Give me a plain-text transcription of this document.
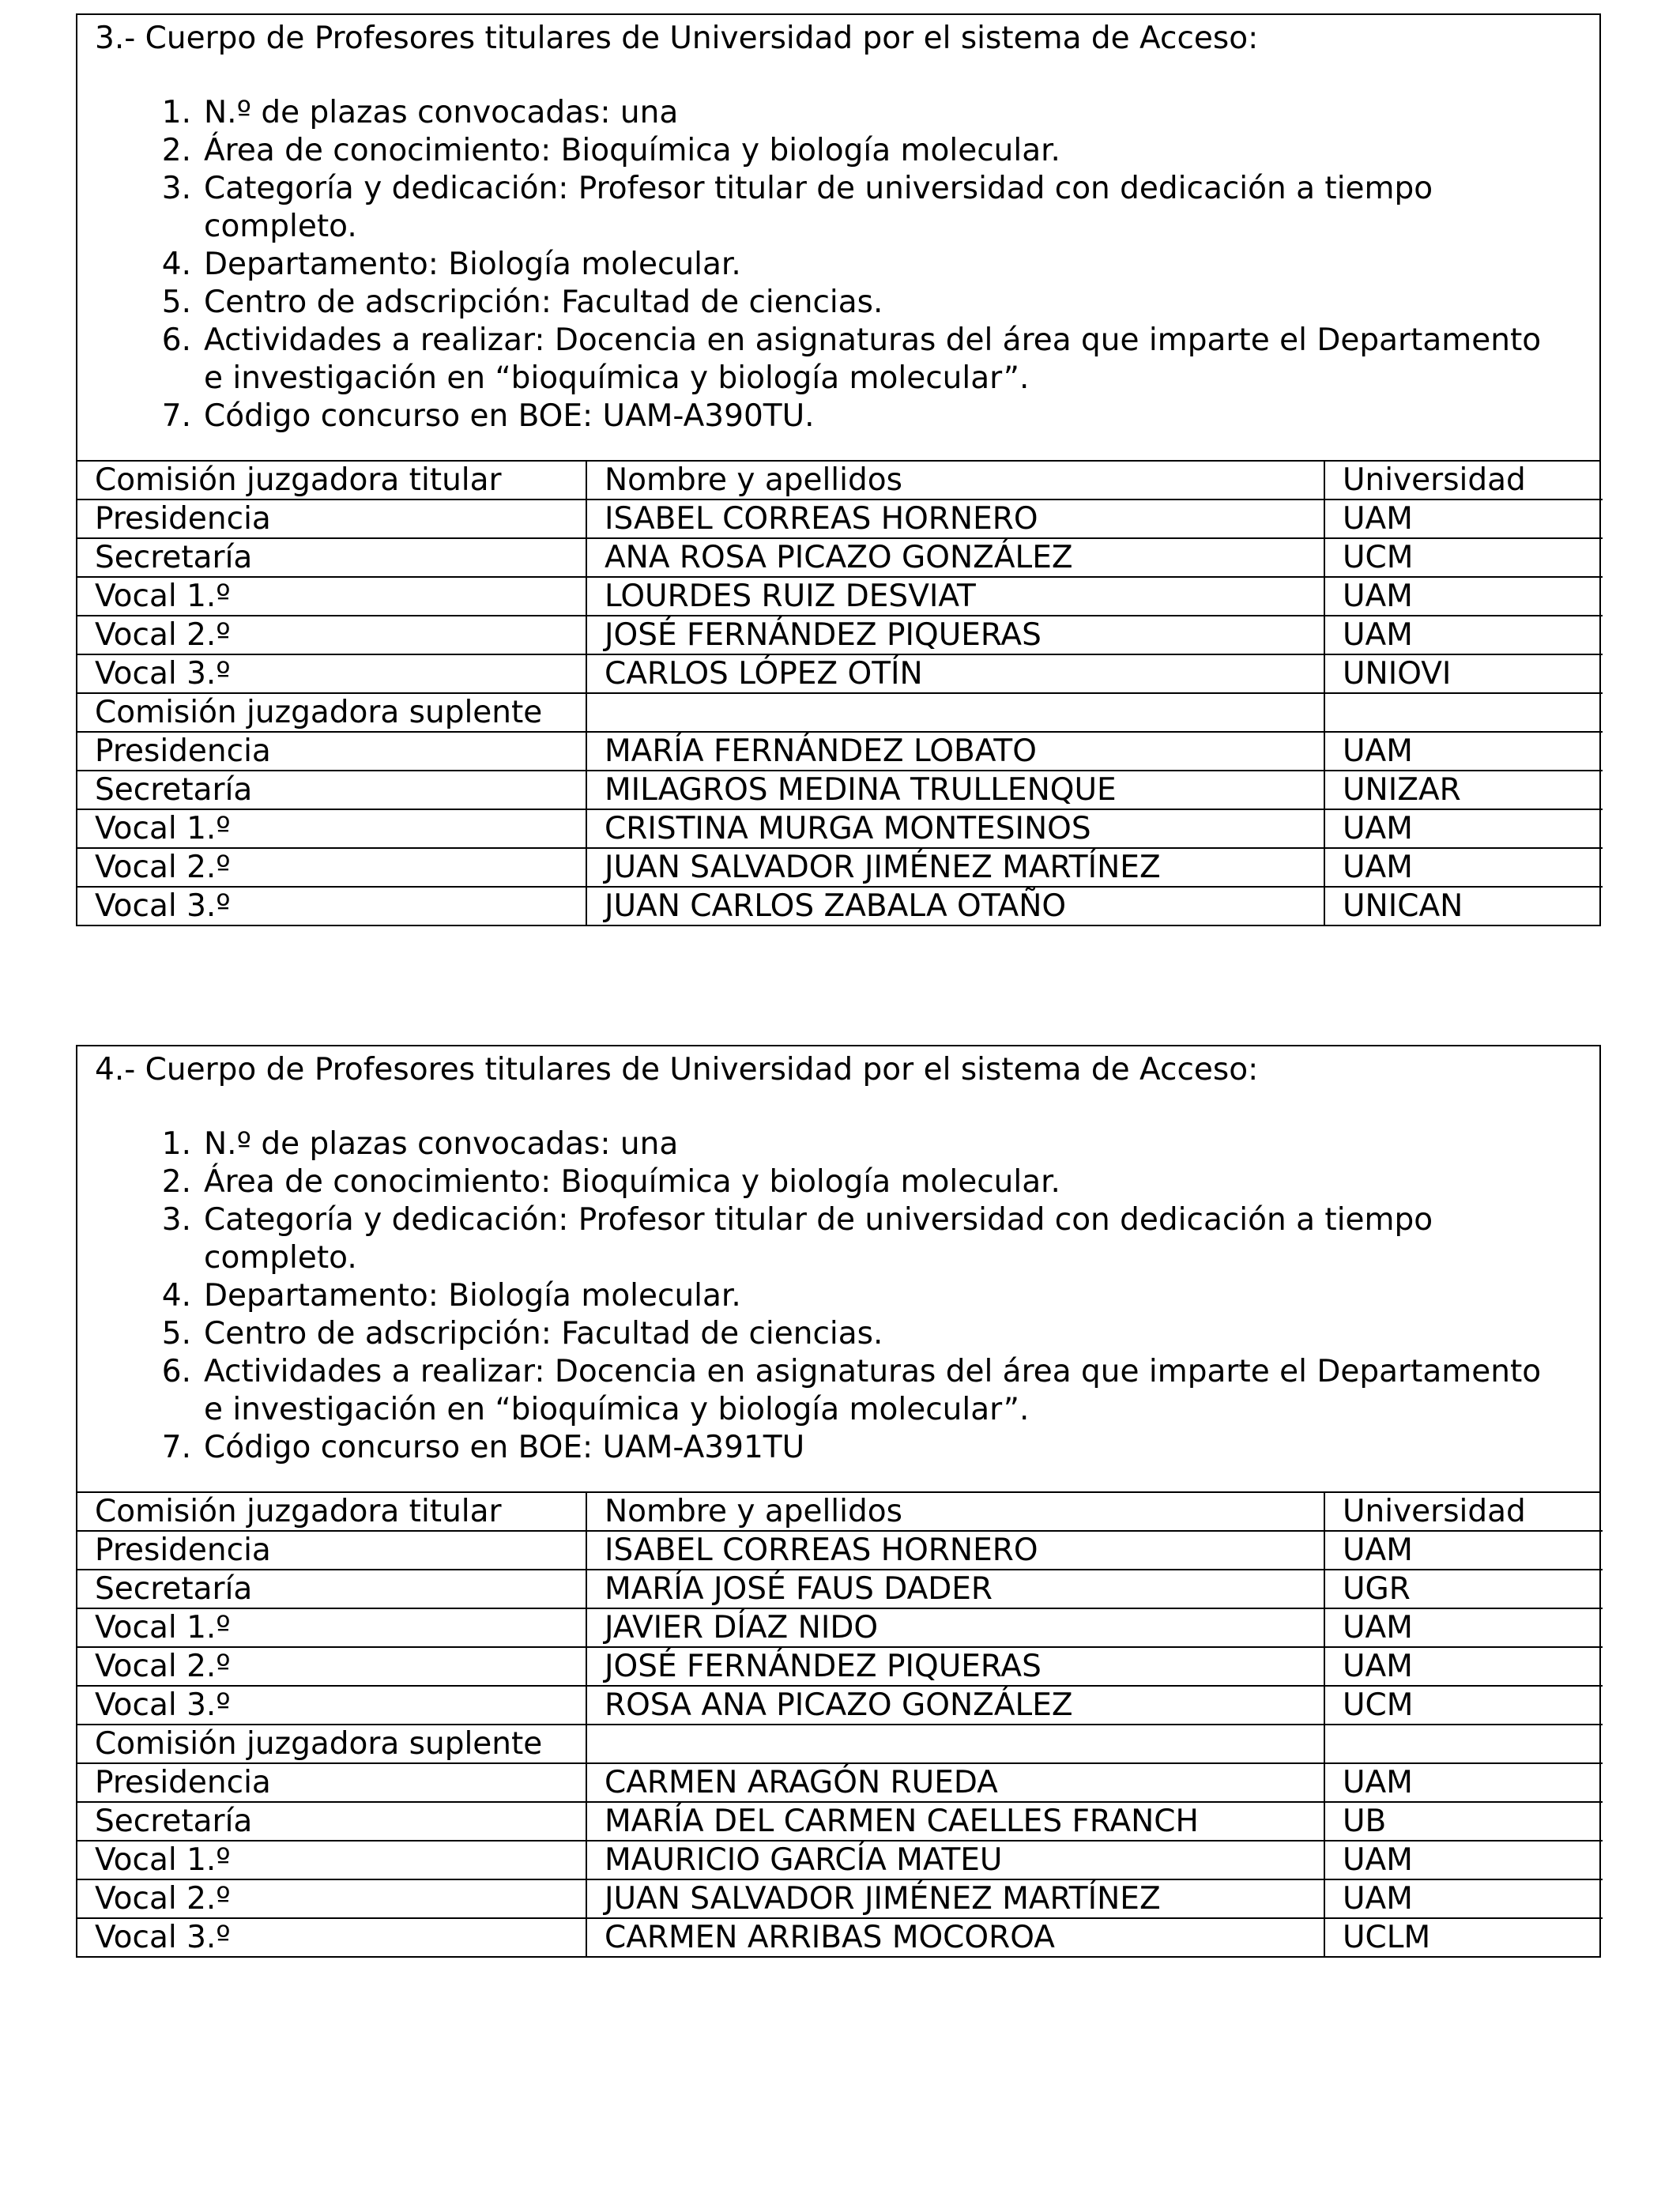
3.- Cuerpo de Profesores titulares de Universidad por el sistema de Acceso:

1. N.º de plazas convocadas: una
2. Área de conocimiento: Bioquímica y biología molecular.
3. Categoría y dedicación: Profesor titular de universidad con dedicación a tiempo completo.
4. Departamento: Biología molecular.
5. Centro de adscripción: Facultad de ciencias.
6. Actividades a realizar: Docencia en asignaturas del área que imparte el Departamento e investigación en “bioquímica y biología molecular”.
7. Código concurso en BOE: UAM-A390TU.
Comisión juzgadora titular	Nombre y apellidos	Universidad
Presidencia	ISABEL CORREAS HORNERO	UAM
Secretaría	ANA ROSA PICAZO GONZÁLEZ	UCM
Vocal 1.º	LOURDES RUIZ DESVIAT	UAM
Vocal 2.º	JOSÉ FERNÁNDEZ PIQUERAS	UAM
Vocal 3.º	CARLOS LÓPEZ OTÍN	UNIOVI
Comisión juzgadora suplente		
Presidencia	MARÍA FERNÁNDEZ LOBATO	UAM
Secretaría	MILAGROS MEDINA TRULLENQUE	UNIZAR
Vocal 1.º	CRISTINA MURGA MONTESINOS	UAM
Vocal 2.º	JUAN SALVADOR JIMÉNEZ MARTÍNEZ	UAM
Vocal 3.º	JUAN CARLOS ZABALA OTAÑO	UNICAN

4.- Cuerpo de Profesores titulares de Universidad por el sistema de Acceso:

1. N.º de plazas convocadas: una
2. Área de conocimiento: Bioquímica y biología molecular.
3. Categoría y dedicación: Profesor titular de universidad con dedicación a tiempo completo.
4. Departamento: Biología molecular.
5. Centro de adscripción: Facultad de ciencias.
6. Actividades a realizar: Docencia en asignaturas del área que imparte el Departamento e investigación en “bioquímica y biología molecular”.
7. Código concurso en BOE: UAM-A391TU
Comisión juzgadora titular	Nombre y apellidos	Universidad
Presidencia	ISABEL CORREAS HORNERO	UAM
Secretaría	MARÍA JOSÉ FAUS DADER	UGR
Vocal 1.º	JAVIER DÍAZ NIDO	UAM
Vocal 2.º	JOSÉ FERNÁNDEZ PIQUERAS	UAM
Vocal 3.º	ROSA ANA PICAZO GONZÁLEZ	UCM
Comisión juzgadora suplente		
Presidencia	CARMEN ARAGÓN RUEDA	UAM
Secretaría	MARÍA DEL CARMEN CAELLES FRANCH	UB
Vocal 1.º	MAURICIO GARCÍA MATEU	UAM
Vocal 2.º	JUAN SALVADOR JIMÉNEZ MARTÍNEZ	UAM
Vocal 3.º	CARMEN ARRIBAS MOCOROA	UCLM
